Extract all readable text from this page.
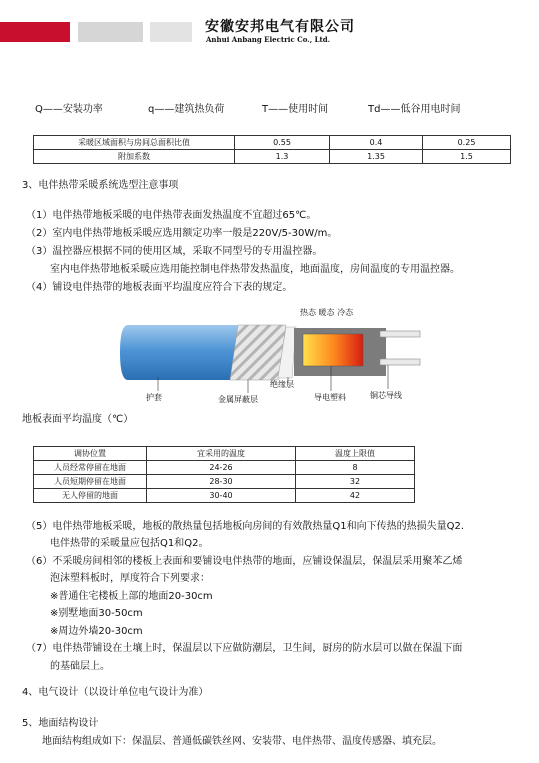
安徽安邦电气有限公司
Anhui Anbang Electric Co., Ltd.
Q——安装功率	q——建筑热负荷	T——使用时间	Td——低谷用电时间
采暖区域面积与房间总面积比值	0.55	0.4	0.25
附加系数	1.3	1.35	1.5
3、电伴热带采暖系统选型注意事项
（1）电伴热带地板采暖的电伴热带表面发热温度不宜超过65℃。
（2）室内电伴热带地板采暖应选用额定功率一般是220V/5-30W/m。
（3）温控器应根据不同的使用区域，采取不同型号的专用温控器。
室内电伴热带地板采暖应选用能控制电伴热带发热温度，地面温度，房间温度的专用温控器。
（4）铺设电伴热带的地板表面平均温度应符合下表的规定。
热态 暖态 冷态
护套	金属屏蔽层
绝缘层
导电塑料	铜芯导线
地板表面平均温度（℃）
调协位置	宜采用的温度	温度上限值
人员经常停留在地面	24-26	8
人员短期停留在地面	28-30	32
无人停留的地面	30-40	42
（5）电伴热带地板采暖，地板的散热量包括地板向房间的有效散热量Q1和向下传热的热损失量Q2.
电伴热带的采暖量应包括Q1和Q2。
（6）不采暖房间相邻的楼板上表面和要铺设电伴热带的地面，应铺设保温层，保温层采用聚苯乙烯
泡沫塑料板时，厚度符合下列要求：
※普通住宅楼板上部的地面20-30cm
※别墅地面30-50cm
※周边外墙20-30cm
（7）电伴热带铺设在土壤上时，保温层以下应做防潮层，卫生间，厨房的防水层可以做在保温下面
的基础层上。
4、电气设计（以设计单位电气设计为准）
5、地面结构设计
地面结构组成如下：保温层、普通低碳铁丝网、安装带、电伴热带、温度传感器、填充层。
